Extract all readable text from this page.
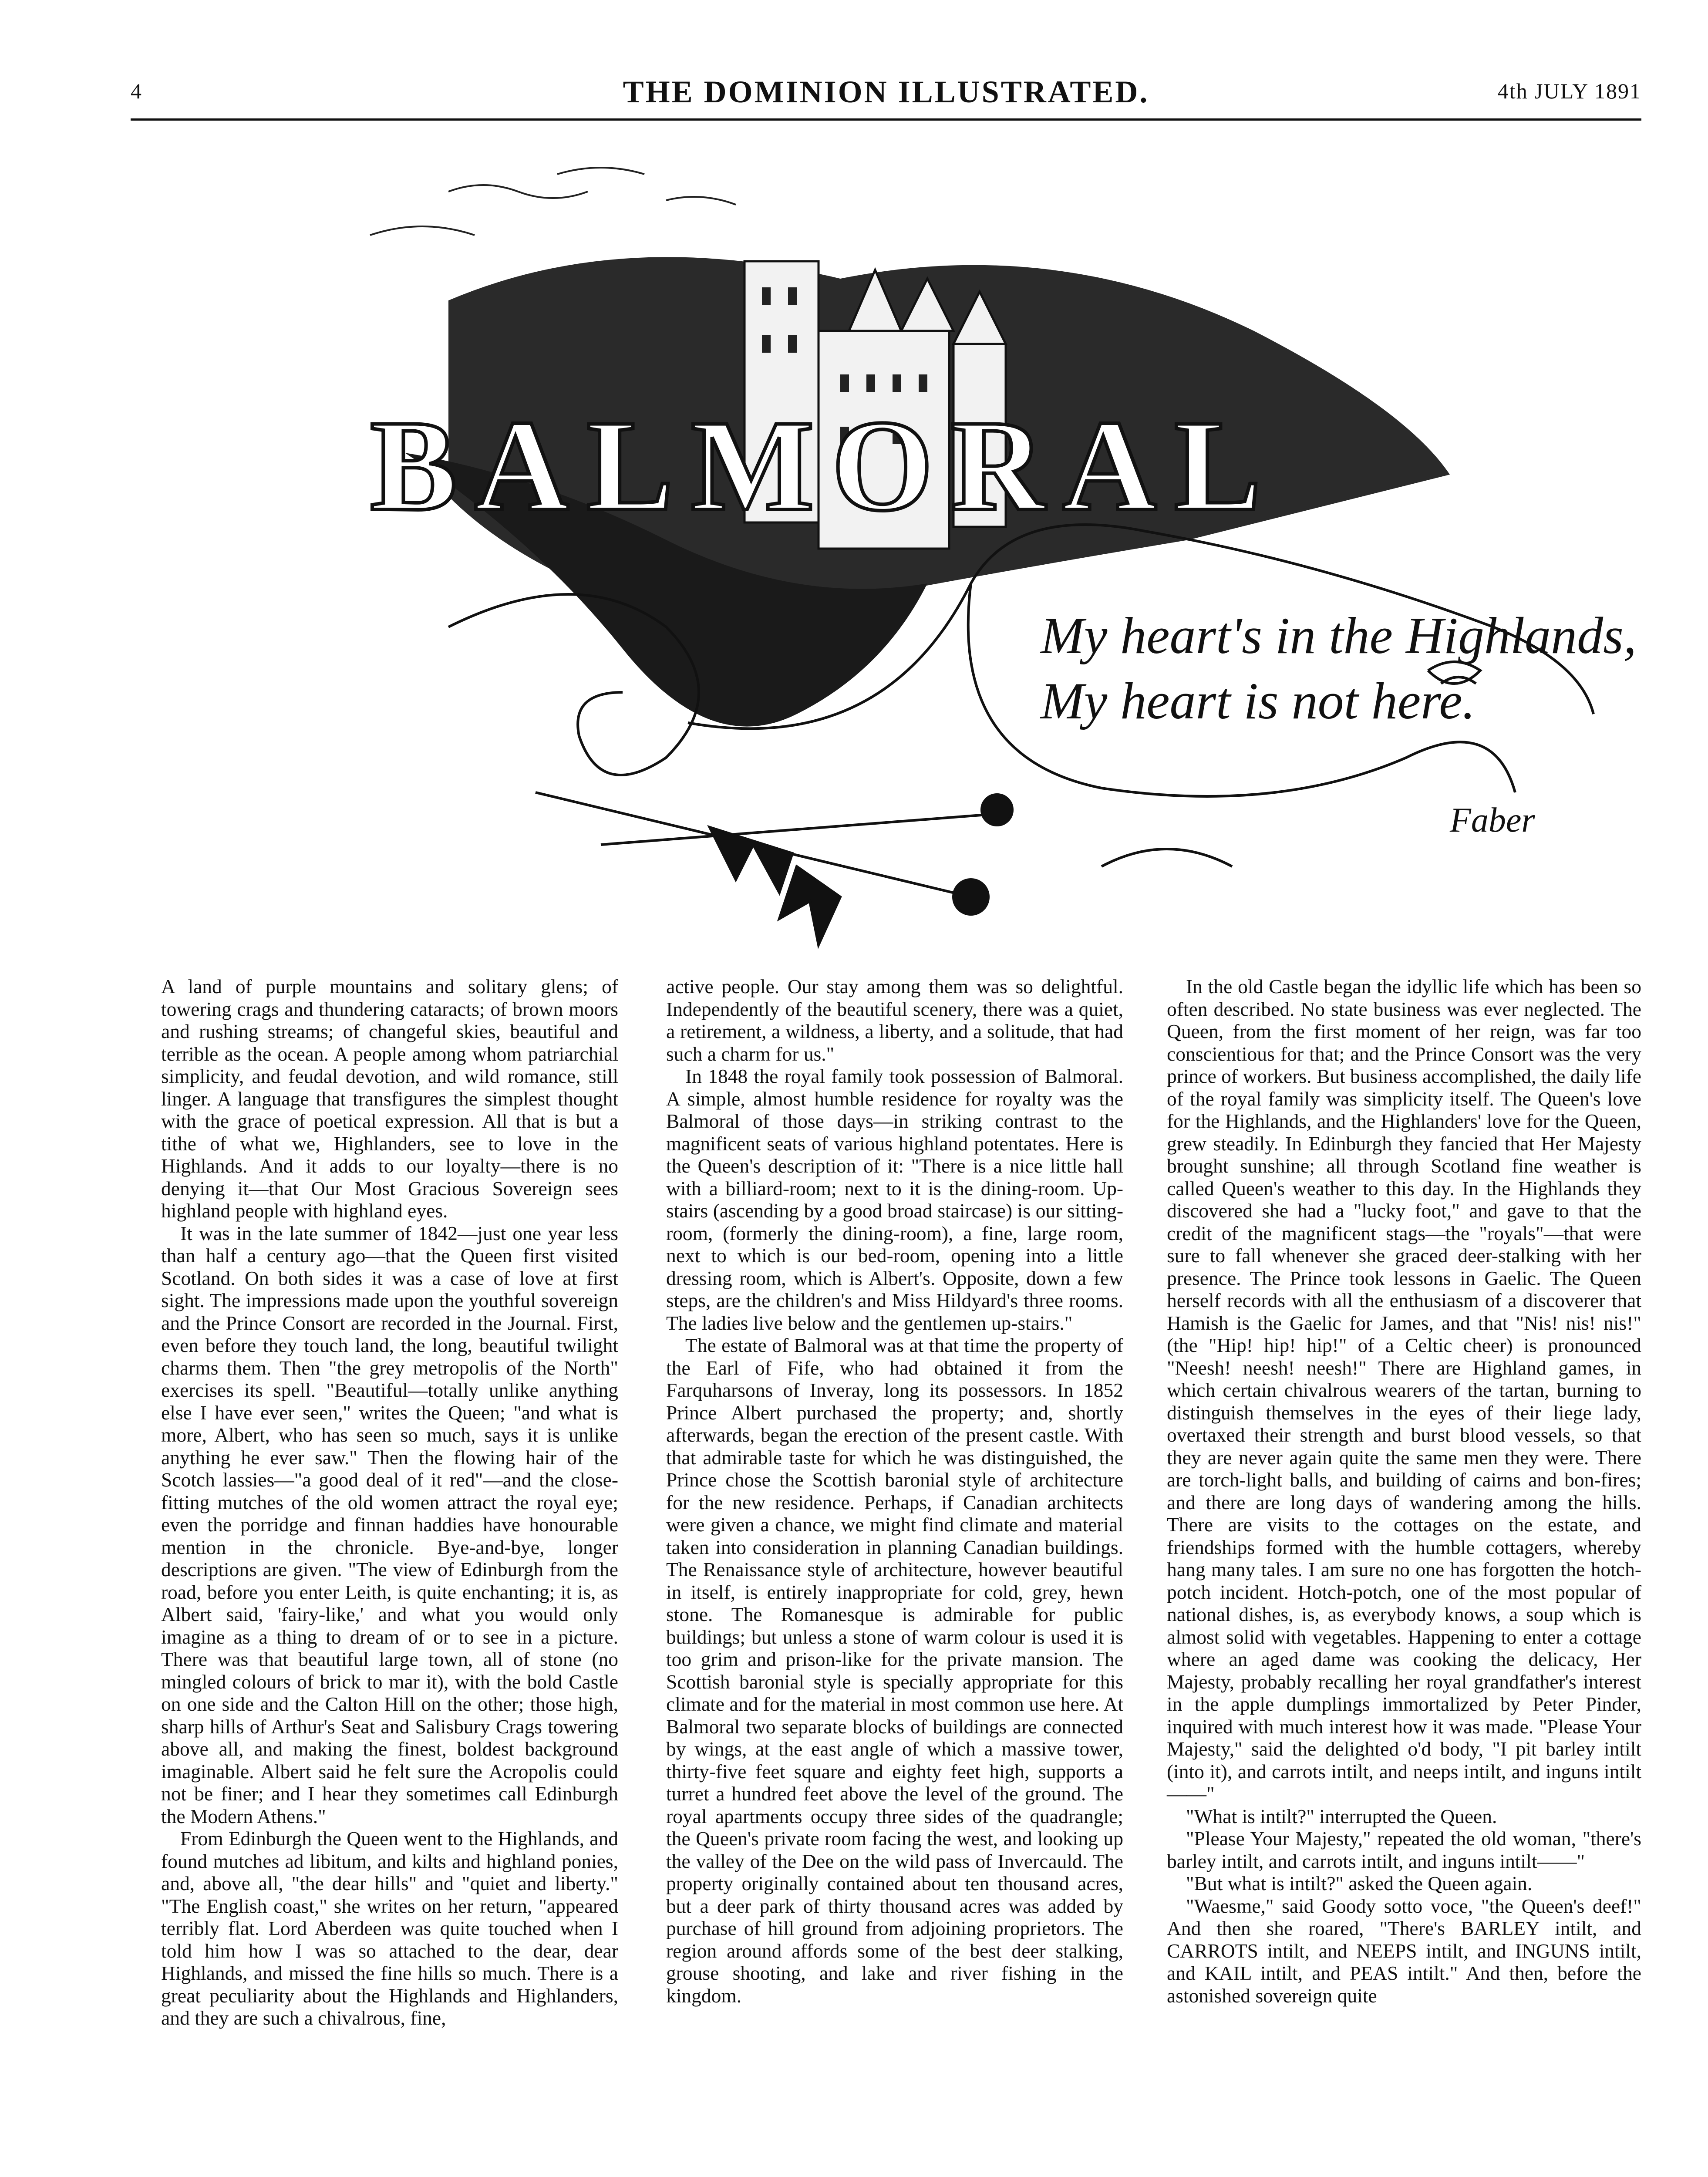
4	THE DOMINION ILLUSTRATED.	4th JULY 1891
BALMORAL
My heart's in the Highlands,
My heart is not here.
Faber

A land of purple mountains and solitary glens; of towering crags and thundering cataracts; of brown moors and rushing streams; of changeful skies, beautiful and terrible as the ocean. A people among whom patriarchial simplicity, and feudal devotion, and wild romance, still linger. A language that transfigures the simplest thought with the grace of poetical expression. All that is but a tithe of what we, Highlanders, see to love in the Highlands. And it adds to our loyalty—there is no denying it—that Our Most Gracious Sovereign sees highland people with highland eyes.

It was in the late summer of 1842—just one year less than half a century ago—that the Queen first visited Scotland. On both sides it was a case of love at first sight. The impressions made upon the youthful sovereign and the Prince Consort are recorded in the Journal. First, even before they touch land, the long, beautiful twilight charms them. Then "the grey metropolis of the North" exercises its spell. "Beautiful—totally unlike anything else I have ever seen," writes the Queen; "and what is more, Albert, who has seen so much, says it is unlike anything he ever saw." Then the flowing hair of the Scotch lassies—"a good deal of it red"—and the close-fitting mutches of the old women attract the royal eye; even the porridge and finnan haddies have honourable mention in the chronicle. Bye-and-bye, longer descriptions are given. "The view of Edinburgh from the road, before you enter Leith, is quite enchanting; it is, as Albert said, 'fairy-like,' and what you would only imagine as a thing to dream of or to see in a picture. There was that beautiful large town, all of stone (no mingled colours of brick to mar it), with the bold Castle on one side and the Calton Hill on the other; those high, sharp hills of Arthur's Seat and Salisbury Crags towering above all, and making the finest, boldest background imaginable. Albert said he felt sure the Acropolis could not be finer; and I hear they sometimes call Edinburgh the Modern Athens."

From Edinburgh the Queen went to the Highlands, and found mutches ad libitum, and kilts and highland ponies, and, above all, "the dear hills" and "quiet and liberty." "The English coast," she writes on her return, "appeared terribly flat. Lord Aberdeen was quite touched when I told him how I was so attached to the dear, dear Highlands, and missed the fine hills so much. There is a great peculiarity about the Highlands and Highlanders, and they are such a chivalrous, fine,

active people. Our stay among them was so delightful. Independently of the beautiful scenery, there was a quiet, a retirement, a wildness, a liberty, and a solitude, that had such a charm for us."

In 1848 the royal family took possession of Balmoral. A simple, almost humble residence for royalty was the Balmoral of those days—in striking contrast to the magnificent seats of various highland potentates. Here is the Queen's description of it: "There is a nice little hall with a billiard-room; next to it is the dining-room. Up-stairs (ascending by a good broad staircase) is our sitting-room, (formerly the dining-room), a fine, large room, next to which is our bed-room, opening into a little dressing room, which is Albert's. Opposite, down a few steps, are the children's and Miss Hildyard's three rooms. The ladies live below and the gentlemen up-stairs."

The estate of Balmoral was at that time the property of the Earl of Fife, who had obtained it from the Farquharsons of Inveray, long its possessors. In 1852 Prince Albert purchased the property; and, shortly afterwards, began the erection of the present castle. With that admirable taste for which he was distinguished, the Prince chose the Scottish baronial style of architecture for the new residence. Perhaps, if Canadian architects were given a chance, we might find climate and material taken into consideration in planning Canadian buildings. The Renaissance style of architecture, however beautiful in itself, is entirely inappropriate for cold, grey, hewn stone. The Romanesque is admirable for public buildings; but unless a stone of warm colour is used it is too grim and prison-like for the private mansion. The Scottish baronial style is specially appropriate for this climate and for the material in most common use here. At Balmoral two separate blocks of buildings are connected by wings, at the east angle of which a massive tower, thirty-five feet square and eighty feet high, supports a turret a hundred feet above the level of the ground. The royal apartments occupy three sides of the quadrangle; the Queen's private room facing the west, and looking up the valley of the Dee on the wild pass of Invercauld. The property originally contained about ten thousand acres, but a deer park of thirty thousand acres was added by purchase of hill ground from adjoining proprietors. The region around affords some of the best deer stalking, grouse shooting, and lake and river fishing in the kingdom.

In the old Castle began the idyllic life which has been so often described. No state business was ever neglected. The Queen, from the first moment of her reign, was far too conscientious for that; and the Prince Consort was the very prince of workers. But business accomplished, the daily life of the royal family was simplicity itself. The Queen's love for the Highlands, and the Highlanders' love for the Queen, grew steadily. In Edinburgh they fancied that Her Majesty brought sunshine; all through Scotland fine weather is called Queen's weather to this day. In the Highlands they discovered she had a "lucky foot," and gave to that the credit of the magnificent stags—the "royals"—that were sure to fall whenever she graced deer-stalking with her presence. The Prince took lessons in Gaelic. The Queen herself records with all the enthusiasm of a discoverer that Hamish is the Gaelic for James, and that "Nis! nis! nis!" (the "Hip! hip! hip!" of a Celtic cheer) is pronounced "Neesh! neesh! neesh!" There are Highland games, in which certain chivalrous wearers of the tartan, burning to distinguish themselves in the eyes of their liege lady, overtaxed their strength and burst blood vessels, so that they are never again quite the same men they were. There are torch-light balls, and building of cairns and bon-fires; and there are long days of wandering among the hills. There are visits to the cottages on the estate, and friendships formed with the humble cottagers, whereby hang many tales. I am sure no one has forgotten the hotch-potch incident. Hotch-potch, one of the most popular of national dishes, is, as everybody knows, a soup which is almost solid with vegetables. Happening to enter a cottage where an aged dame was cooking the delicacy, Her Majesty, probably recalling her royal grandfather's interest in the apple dumplings immortalized by Peter Pinder, inquired with much interest how it was made. "Please Your Majesty," said the delighted o'd body, "I pit barley intilt (into it), and carrots intilt, and neeps intilt, and inguns intilt——"

"What is intilt?" interrupted the Queen.

"Please Your Majesty," repeated the old woman, "there's barley intilt, and carrots intilt, and inguns intilt——"

"But what is intilt?" asked the Queen again.

"Waesme," said Goody sotto voce, "the Queen's deef!" And then she roared, "There's BARLEY intilt, and CARROTS intilt, and NEEPS intilt, and INGUNS intilt, and KAIL intilt, and PEAS intilt." And then, before the astonished sovereign quite
